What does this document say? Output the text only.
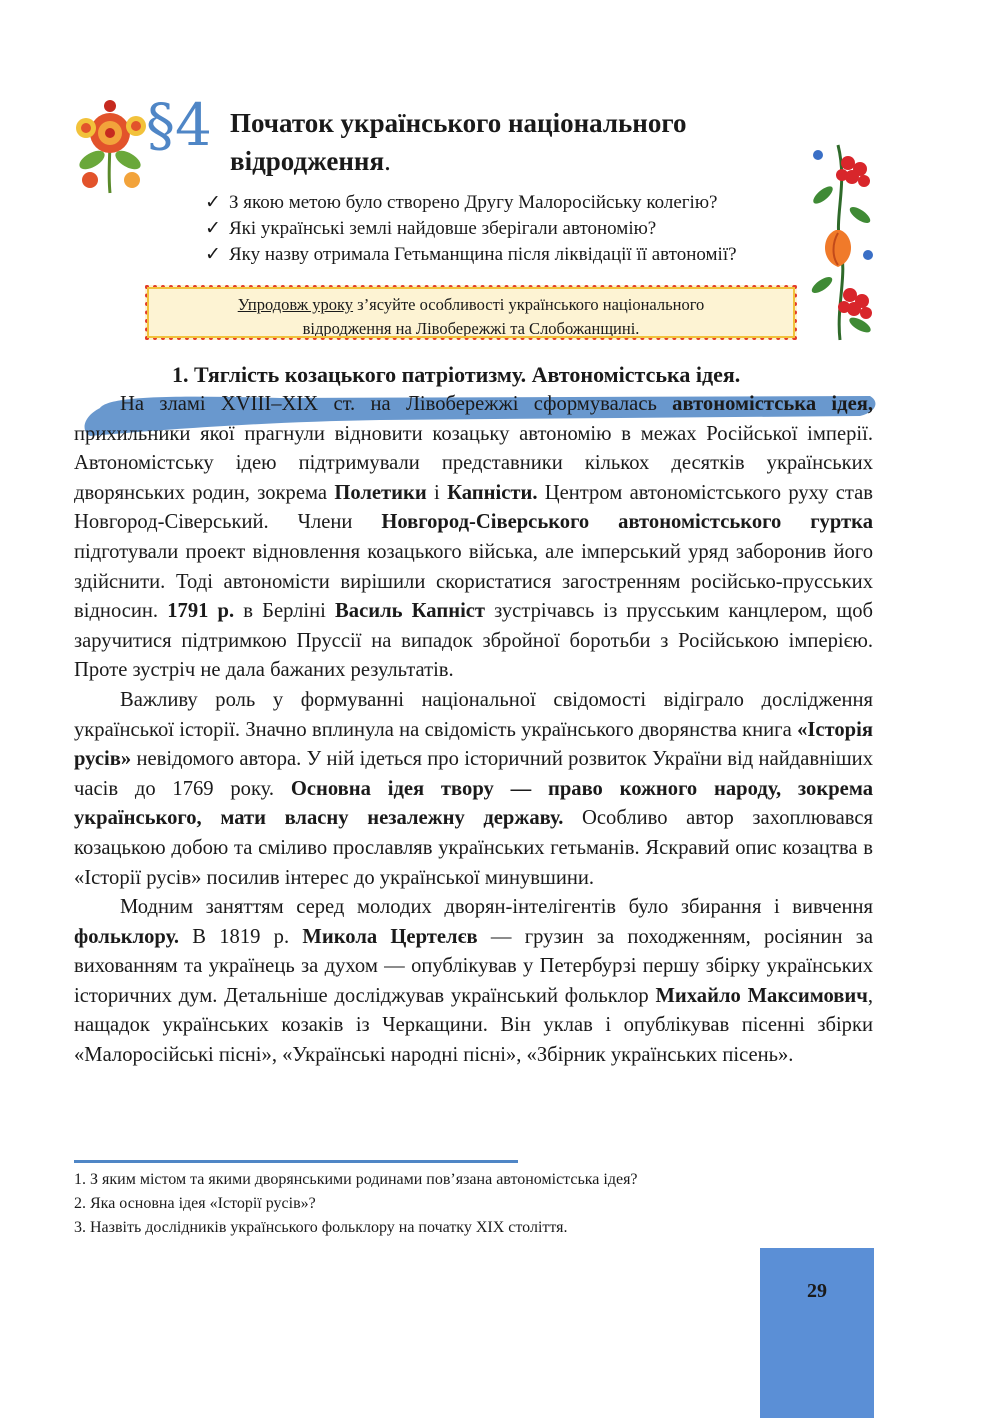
§4 Початок українського національного відродження.
✓ З якою метою було створено Другу Малоросійську колегію?
✓ Які українські землі найдовше зберігали автономію?
✓ Яку назву отримала Гетьманщина після ліквідації її автономії?
Упродовж уроку з’ясуйте особливості українського національного
відродження на Лівобережжі та Слобожанщині.
1. Тяглість козацького патріотизму. Автономістська ідея.

На зламі XVIII–XIX ст. на Лівобережжі сформувалась автономістська ідея, прихильники якої прагнули відновити козацьку автономію в межах Російської імперії. Автономістську ідею підтримували представники кількох десятків українських дворянських родин, зокрема Полетики і Капністи. Центром автономістського руху став Новгород-Сіверський. Члени Новгород-Сіверського автономістського гуртка підготували проект відновлення козацького війська, але імперський уряд заборонив його здійснити. Тоді автономісти вирішили скористатися загостренням російсько-прусських відносин. 1791 р. в Берліні Василь Капніст зустрічавсь із прусським канцлером, щоб заручитися підтримкою Пруссії на випадок збройної боротьби з Російською імперією. Проте зустріч не дала бажаних результатів.

Важливу роль у формуванні національної свідомості відіграло дослідження української історії. Значно вплинула на свідомість українського дворянства книга «Історія русів» невідомого автора. У ній ідеться про історичний розвиток України від найдавніших часів до 1769 року. Основна ідея твору — право кожного народу, зокрема українського, мати власну незалежну державу. Особливо автор захоплювався козацькою добою та сміливо прославляв українських гетьманів. Яскравий опис козацтва в «Історії русів» посилив інтерес до української минувшини.

Модним заняттям серед молодих дворян-інтелігентів було збирання і вивчення фольклору. В 1819 р. Микола Цертелєв — грузин за походженням, росіянин за вихованням та українець за духом — опублікував у Петербурзі першу збірку українських історичних дум. Детальніше досліджував український фольклор Михайло Максимович, нащадок українських козаків із Черкащини. Він уклав і опублікував пісенні збірки «Малоросійські пісні», «Українські народні пісні», «Збірник українських пісень».

1. З яким містом та якими дворянськими родинами пов’язана автономістська ідея?
2. Яка основна ідея «Історії русів»?
3. Назвіть дослідників українського фольклору на початку XIX століття.
29
